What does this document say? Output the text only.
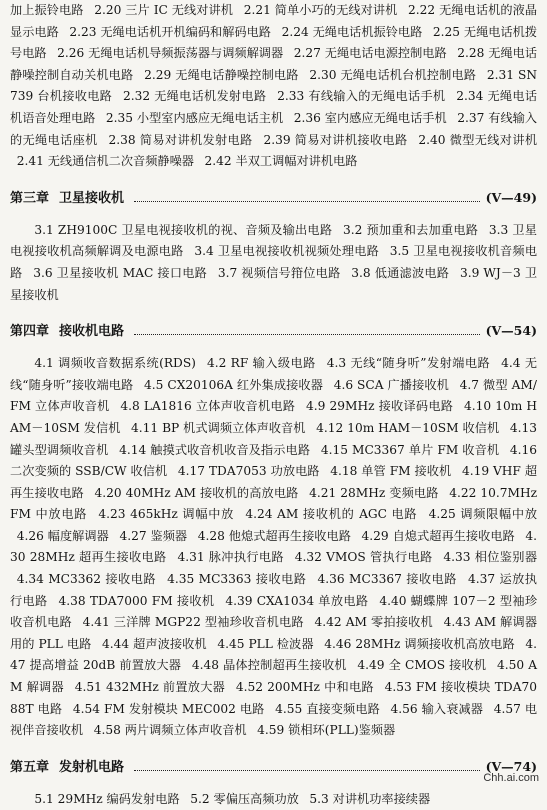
加上振铃电路 2.20 三片 IC 无线对讲机 2.21 简单小巧的无线对讲机 2.22 无绳电话机的液晶显示电路 2.23 无绳电话机开机编码和解码电路 2.24 无绳电话机振铃电路 2.25 无绳电话机拨号电路 2.26 无绳电话机导频振荡器与调频解调器 2.27 无绳电话电源控制电路 2.28 无绳电话静噪控制自动关机电路 2.29 无绳电话静噪控制电路 2.30 无绳电话机台机控制电路 2.31 SN739 台机接收电路 2.32 无绳电话机发射电路 2.33 有线输入的无绳电话手机 2.34 无绳电话机语音处理电路 2.35 小型室内感应无绳电话主机 2.36 室内感应无绳电话手机 2.37 有线输入的无绳电话座机 2.38 简易对讲机发射电路 2.39 简易对讲机接收电路 2.40 微型无线对讲机 2.41 无线通信机二次音频静噪器 2.42 半双工调幅对讲机电路

第三章 卫星接收机	(V—49)

3.1 ZH9100C 卫星电视接收机的视、音频及输出电路 3.2 预加重和去加重电路 3.3 卫星电视接收机高频解调及电源电路 3.4 卫星电视接收机视频处理电路 3.5 卫星电视接收机音频电路 3.6 卫星接收机 MAC 接口电路 3.7 视频信号箝位电路 3.8 低通滤波电路 3.9 WJ－3 卫星接收机

第四章 接收机电路	(V—54)

4.1 调频收音数据系统(RDS) 4.2 RF 输入级电路 4.3 无线“随身听”发射端电路 4.4 无线“随身听”接收端电路 4.5 CX20106A 红外集成接收器 4.6 SCA 广播接收机 4.7 微型 AM/FM 立体声收音机 4.8 LA1816 立体声收音机电路 4.9 29MHz 接收译码电路 4.10 10m HAM－10SM 发信机 4.11 BP 机式调频立体声收音机 4.12 10m HAM－10SM 收信机 4.13 罐头型调频收音机 4.14 触摸式收音机收音及指示电路 4.15 MC3367 单片 FM 收音机 4.16 二次变频的 SSB/CW 收信机 4.17 TDA7053 功放电路 4.18 单管 FM 接收机 4.19 VHF 超再生接收电路 4.20 40MHz AM 接收机的高放电路 4.21 28MHz 变频电路 4.22 10.7MHz FM 中放电路 4.23 465kHz 调幅中放 4.24 AM 接收机的 AGC 电路 4.25 调频限幅中放 4.26 幅度解调器 4.27 鉴频器 4.28 他熄式超再生接收电路 4.29 自熄式超再生接收电路 4.30 28MHz 超再生接收电路 4.31 脉冲执行电路 4.32 VMOS 管执行电路 4.33 相位鉴别器 4.34 MC3362 接收电路 4.35 MC3363 接收电路 4.36 MC3367 接收电路 4.37 运放执行电路 4.38 TDA7000 FM 接收机 4.39 CXA1034 单放电路 4.40 蝴蝶牌 107－2 型袖珍收音机电路 4.41 三洋牌 MGP22 型袖珍收音机电路 4.42 AM 零拍接收机 4.43 AM 解调器用的 PLL 电路 4.44 超声波接收机 4.45 PLL 检波器 4.46 28MHz 调频接收机高放电路 4.47 提高增益 20dB 前置放大器 4.48 晶体控制超再生接收机 4.49 全 CMOS 接收机 4.50 AM 解调器 4.51 432MHz 前置放大器 4.52 200MHz 中和电路 4.53 FM 接收模块 TDA7088T 电路 4.54 FM 发射模块 MEC002 电路 4.55 直接变频电路 4.56 输入衰减器 4.57 电视伴音接收机 4.58 两片调频立体声收音机 4.59 锁相环(PLL)鉴频器

第五章 发射机电路	(V—74)

5.1 29MHz 编码发射电路 5.2 零偏压高频功放 5.3 对讲机功率接续器

Chh.ai.com
